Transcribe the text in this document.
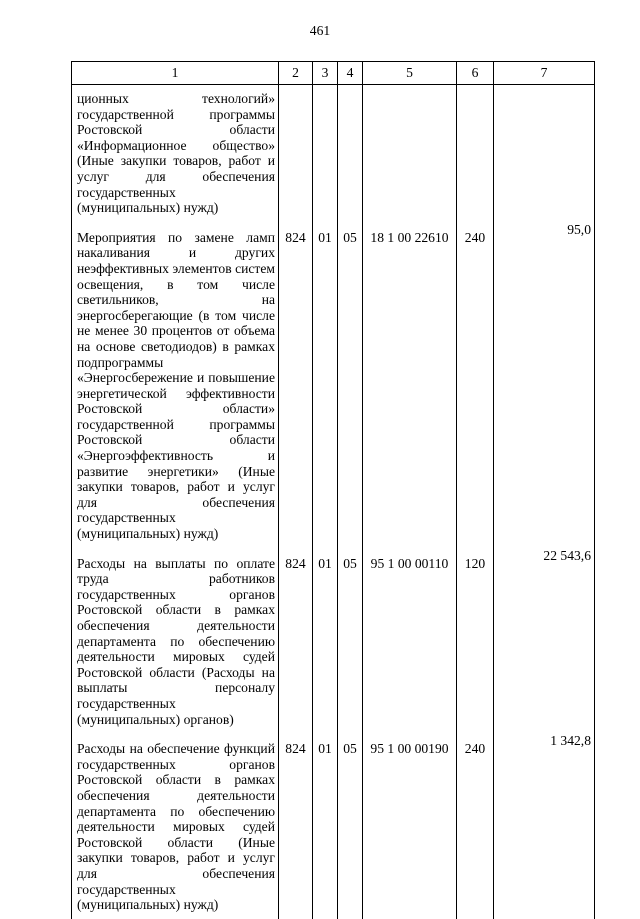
461
1	2	3	4	5	6	7
ционных технологий» государственной программы Ростовской области «Информационное общество» (Иные закупки товаров, работ и услуг для обеспечения государственных (муниципальных) нужд)						
Мероприятия по замене ламп накаливания и других неэффективных элементов систем освещения, в том числе светильников, на энергосберегающие (в том числе не менее 30 процентов от объема на основе светодиодов) в рамках подпрограммы «Энергосбережение и повышение энергетической эффективности Ростовской области» государственной программы Ростовской области «Энергоэффективность и развитие энергетики» (Иные закупки товаров, работ и услуг для обеспечения государственных (муниципальных) нужд)	824	01	05	18 1 00 22610	240	95,0
Расходы на выплаты по оплате труда работников государственных органов Ростовской области в рамках обеспечения деятельности департамента по обеспечению деятельности мировых судей Ростовской области (Расходы на выплаты персоналу государственных (муниципальных) органов)	824	01	05	95 1 00 00110	120	22 543,6
Расходы на обеспечение функций государственных органов Ростовской области в рамках обеспечения деятельности департамента по обеспечению деятельности мировых судей Ростовской области (Иные закупки товаров, работ и услуг для обеспечения государственных (муниципальных) нужд)	824	01	05	95 1 00 00190	240	1 342,8
